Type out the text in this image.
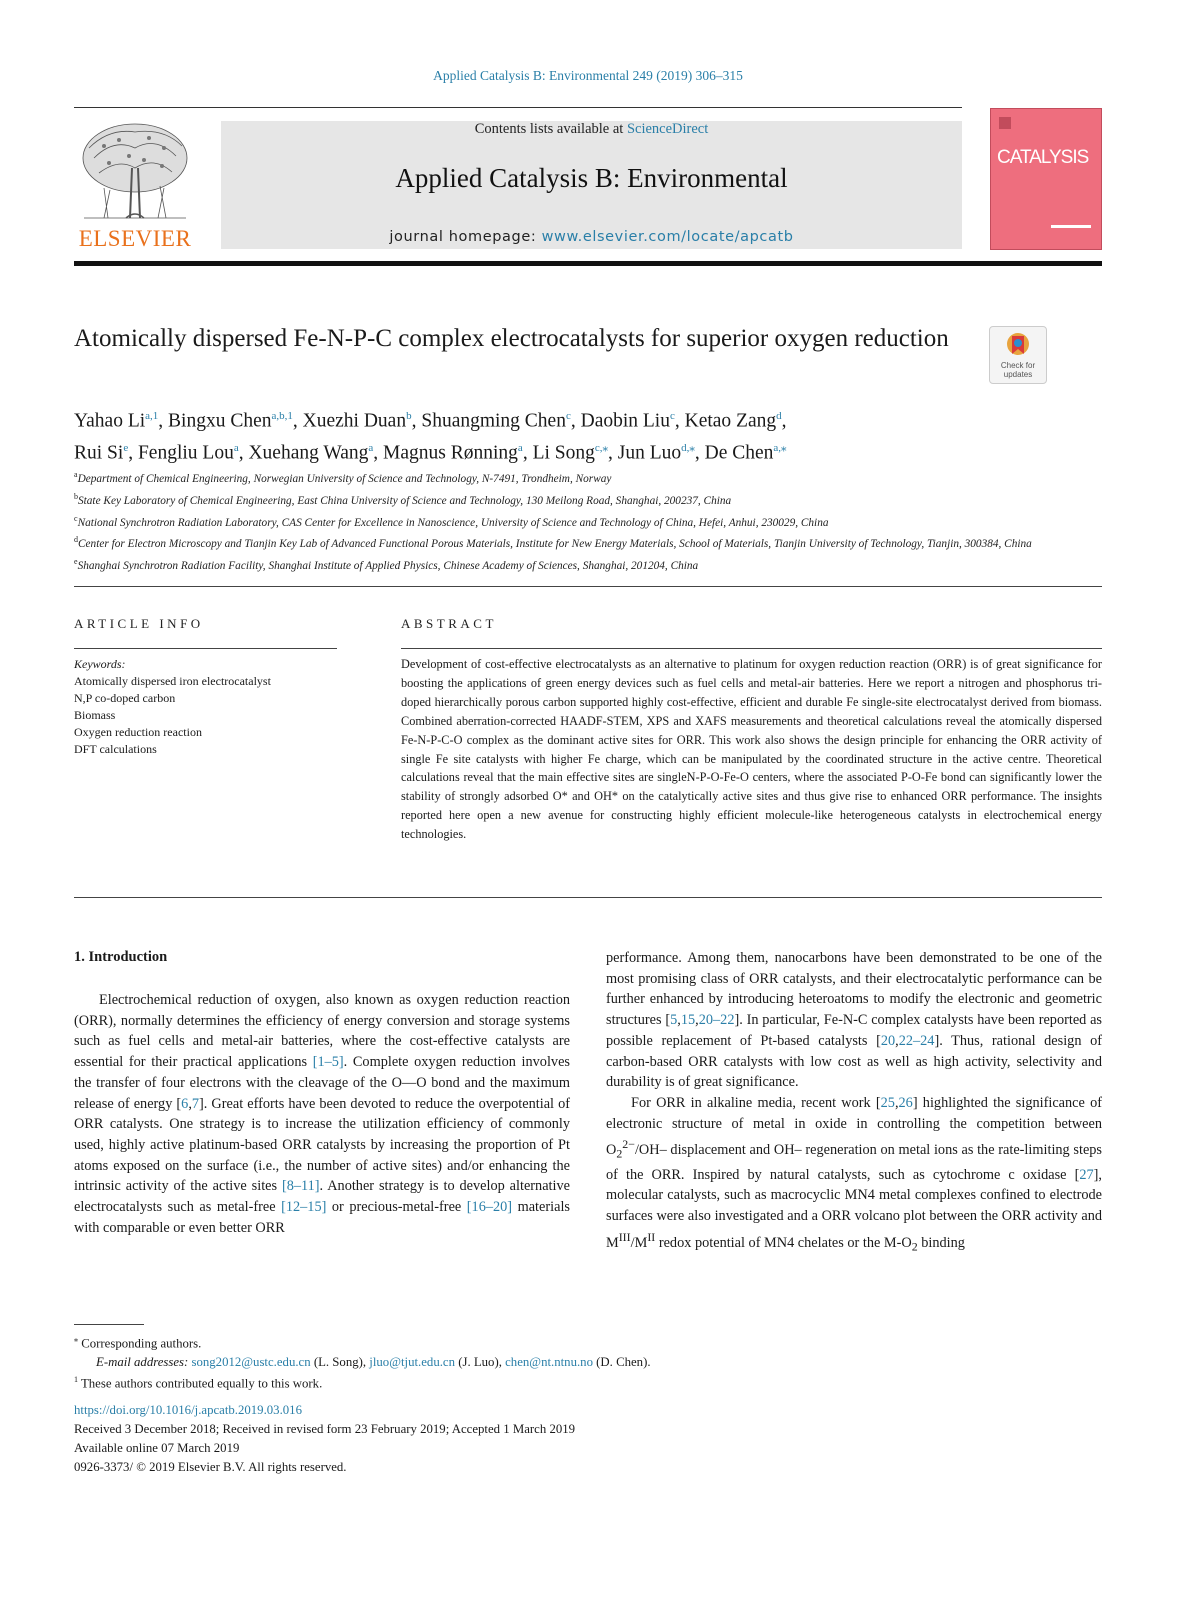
Applied Catalysis B: Environmental 249 (2019) 306–315
ELSEVIER
Contents lists available at ScienceDirect
Applied Catalysis B: Environmental
journal homepage: www.elsevier.com/locate/apcatb
CATALYSIS
Atomically dispersed Fe-N-P-C complex electrocatalysts for superior oxygen reduction
Check for updates
Yahao Li$^{a,1}$, Bingxu Chen$^{a,b,1}$, Xuezhi Duan$^b$, Shuangming Chen$^c$, Daobin Liu$^c$, Ketao Zang$^d$,
Rui Si$^e$, Fengliu Lou$^a$, Xuehang Wang$^a$, Magnus Rønning$^a$, Li Song$^{c,⁎}$, Jun Luo$^{d,⁎}$, De Chen$^{a,⁎}$
$^a$Department of Chemical Engineering, Norwegian University of Science and Technology, N-7491, Trondheim, Norway
$^b$State Key Laboratory of Chemical Engineering, East China University of Science and Technology, 130 Meilong Road, Shanghai, 200237, China
$^c$National Synchrotron Radiation Laboratory, CAS Center for Excellence in Nanoscience, University of Science and Technology of China, Hefei, Anhui, 230029, China
$^d$Center for Electron Microscopy and Tianjin Key Lab of Advanced Functional Porous Materials, Institute for New Energy Materials, School of Materials, Tianjin University of Technology, Tianjin, 300384, China
$^e$Shanghai Synchrotron Radiation Facility, Shanghai Institute of Applied Physics, Chinese Academy of Sciences, Shanghai, 201204, China
ARTICLE INFO	ABSTRACT
Keywords:
Atomically dispersed iron electrocatalyst
N,P co-doped carbon
Biomass
Oxygen reduction reaction
DFT calculations
Development of cost-effective electrocatalysts as an alternative to platinum for oxygen reduction reaction (ORR) is of great significance for boosting the applications of green energy devices such as fuel cells and metal-air batteries. Here we report a nitrogen and phosphorus tri-doped hierarchically porous carbon supported highly cost-effective, efficient and durable Fe single-site electrocatalyst derived from biomass. Combined aberration-corrected HAADF-STEM, XPS and XAFS measurements and theoretical calculations reveal the atomically dispersed Fe-N-P-C-O complex as the dominant active sites for ORR. This work also shows the design principle for enhancing the ORR activity of single Fe site catalysts with higher Fe charge, which can be manipulated by the coordinated structure in the active centre. Theoretical calculations reveal that the main effective sites are singleN-P-O-Fe-O centers, where the associated P-O-Fe bond can significantly lower the stability of strongly adsorbed O* and OH* on the catalytically active sites and thus give rise to enhanced ORR performance. The insights reported here open a new avenue for constructing highly efficient molecule-like heterogeneous catalysts in electrochemical energy technologies.
1. Introduction

Electrochemical reduction of oxygen, also known as oxygen reduction reaction (ORR), normally determines the efficiency of energy conversion and storage systems such as fuel cells and metal-air batteries, where the cost-effective catalysts are essential for their practical applications [1–5]. Complete oxygen reduction involves the transfer of four electrons with the cleavage of the O—O bond and the maximum release of energy [6,7]. Great efforts have been devoted to reduce the overpotential of ORR catalysts. One strategy is to increase the utilization efficiency of commonly used, highly active platinum-based ORR catalysts by increasing the proportion of Pt atoms exposed on the surface (i.e., the number of active sites) and/or enhancing the intrinsic activity of the active sites [8–11]. Another strategy is to develop alternative electrocatalysts such as metal-free [12–15] or precious-metal-free [16–20] materials with comparable or even better ORR

performance. Among them, nanocarbons have been demonstrated to be one of the most promising class of ORR catalysts, and their electrocatalytic performance can be further enhanced by introducing heteroatoms to modify the electronic and geometric structures [5,15,20–22]. In particular, Fe-N-C complex catalysts have been reported as possible replacement of Pt-based catalysts [20,22–24]. Thus, rational design of carbon-based ORR catalysts with low cost as well as high activity, selectivity and durability is of great significance.

For ORR in alkaline media, recent work [25,26] highlighted the significance of electronic structure of metal in oxide in controlling the competition between $O_2^{2-}/OH-$ displacement and OH– regeneration on metal ions as the rate-limiting steps of the ORR. Inspired by natural catalysts, such as cytochrome c oxidase [27], molecular catalysts, such as macrocyclic MN4 metal complexes confined to electrode surfaces were also investigated and a ORR volcano plot between the ORR activity and $M^{III}/M^{II}$ redox potential of MN4 chelates or the $M-O_2$ binding

⁎ Corresponding authors.
E-mail addresses: song2012@ustc.edu.cn (L. Song), jluo@tjut.edu.cn (J. Luo), chen@nt.ntnu.no (D. Chen).
$^1$ These authors contributed equally to this work.
https://doi.org/10.1016/j.apcatb.2019.03.016
Received 3 December 2018; Received in revised form 23 February 2019; Accepted 1 March 2019
Available online 07 March 2019
0926-3373/ © 2019 Elsevier B.V. All rights reserved.
